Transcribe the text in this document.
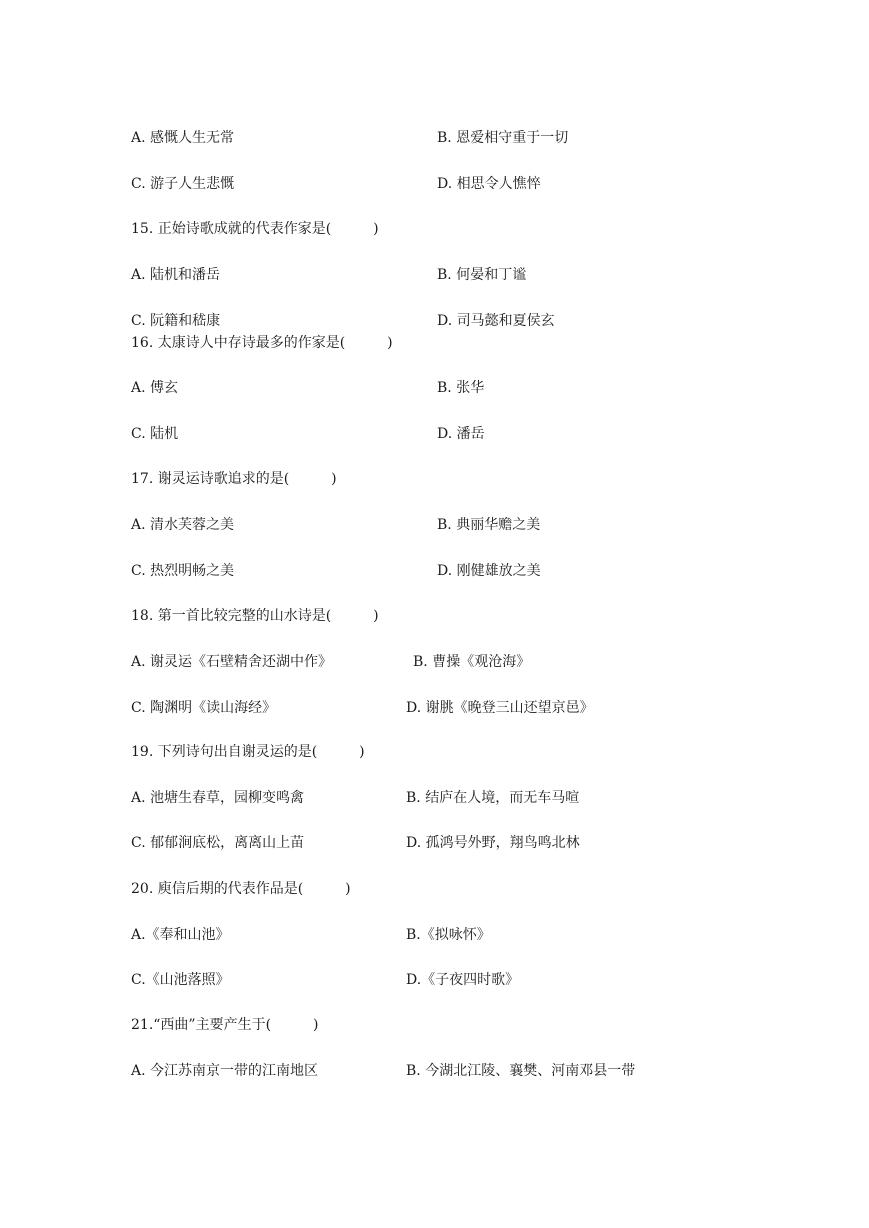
A. 感慨人生无常	B. 恩爱相守重于一切
C. 游子人生悲慨	D. 相思令人憔悴
15. 正始诗歌成就的代表作家是(　　　)
A. 陆机和潘岳	B. 何晏和丁谧
C. 阮籍和嵇康	D. 司马懿和夏侯玄
16. 太康诗人中存诗最多的作家是(　　　)
A. 傅玄	B. 张华
C. 陆机	D. 潘岳
17. 谢灵运诗歌追求的是(　　　)
A. 清水芙蓉之美	B. 典丽华赡之美
C. 热烈明畅之美	D. 刚健雄放之美
18. 第一首比较完整的山水诗是(　　　)
A. 谢灵运《石壁精舍还湖中作》	B. 曹操《观沧海》
C. 陶渊明《读山海经》	D. 谢朓《晚登三山还望京邑》
19. 下列诗句出自谢灵运的是(　　　)
A. 池塘生春草，园柳变鸣禽	B. 结庐在人境，而无车马喧
C. 郁郁涧底松，离离山上苗	D. 孤鸿号外野，翔鸟鸣北林
20. 庾信后期的代表作品是(　　　)
A.《奉和山池》	B.《拟咏怀》
C.《山池落照》	D.《子夜四时歌》
21.“西曲”主要产生于(　　　)
A. 今江苏南京一带的江南地区	B. 今湖北江陵、襄樊、河南邓县一带
